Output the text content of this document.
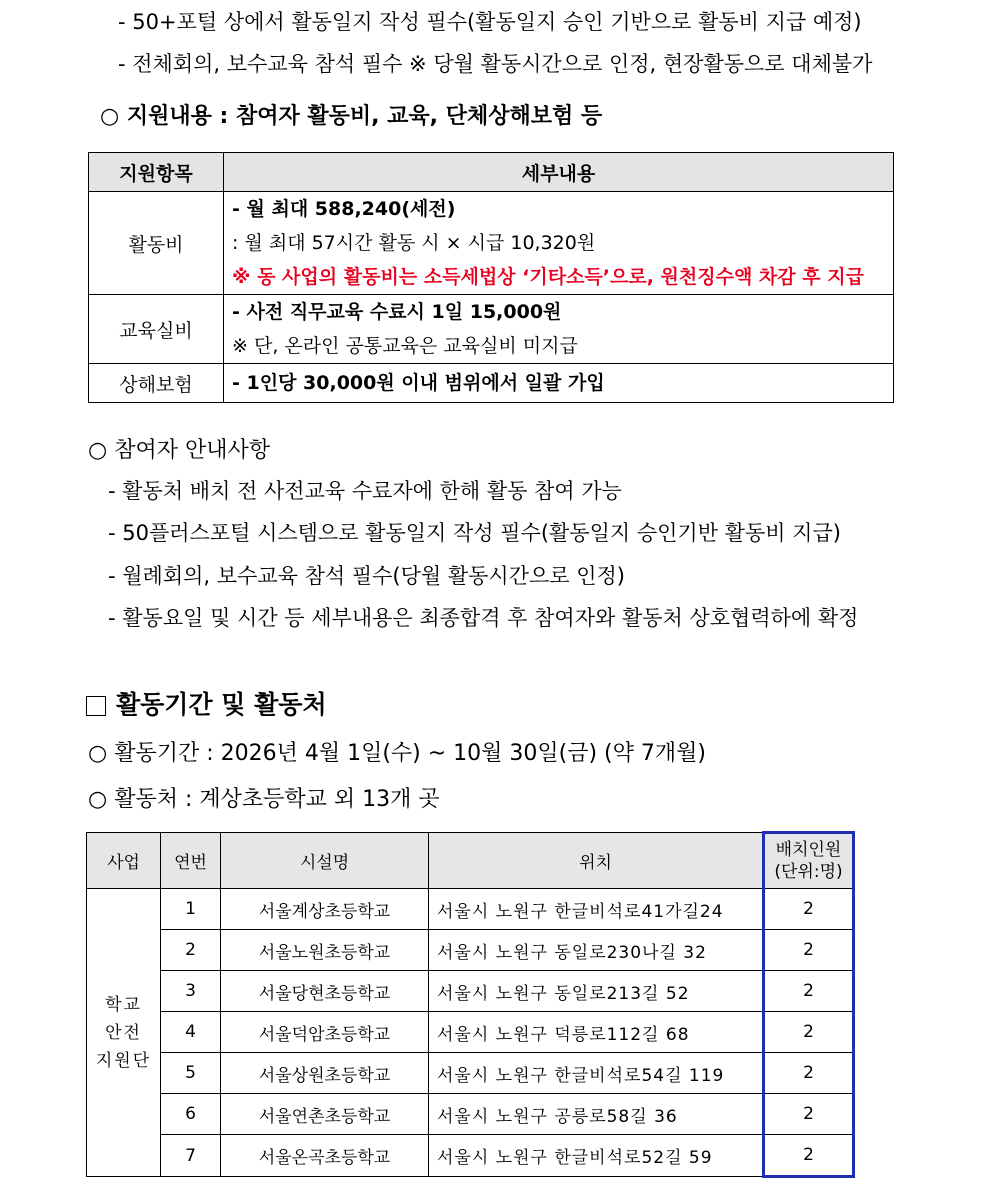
- 50+포털 상에서 활동일지 작성 필수(활동일지 승인 기반으로 활동비 지급 예정)
- 전체회의, 보수교육 참석 필수 ※ 당월 활동시간으로 인정, 현장활동으로 대체불가
○ 지원내용 : 참여자 활동비, 교육, 단체상해보험 등
지원항목	세부내용
활동비	- 월 최대 588,240(세전)
: 월 최대 57시간 활동 시 × 시급 10,320원
※ 동 사업의 활동비는 소득세법상 ‘기타소득’으로, 원천징수액 차감 후 지급

교육실비	- 사전 직무교육 수료시 1일 15,000원
※ 단, 온라인 공통교육은 교육실비 미지급

상해보험	- 1인당 30,000원 이내 범위에서 일괄 가입
○ 참여자 안내사항
- 활동처 배치 전 사전교육 수료자에 한해 활동 참여 가능
- 50플러스포털 시스템으로 활동일지 작성 필수(활동일지 승인기반 활동비 지급)
- 월례회의, 보수교육 참석 필수(당월 활동시간으로 인정)
- 활동요일 및 시간 등 세부내용은 최종합격 후 참여자와 활동처 상호협력하에 확정
활동기간 및 활동처
○ 활동기간 : 2026년 4월 1일(수) ~ 10월 30일(금) (약 7개월)
○ 활동처 : 계상초등학교 외 13개 곳
사업	연번	시설명	위치	배치인원
(단위:명)

학교
안전
지원단	1	서울계상초등학교	서울시 노원구 한글비석로41가길24	2
	2	서울노원초등학교	서울시 노원구 동일로230나길 32	2
	3	서울당현초등학교	서울시 노원구 동일로213길 52	2
	4	서울덕암초등학교	서울시 노원구 덕릉로112길 68	2
	5	서울상원초등학교	서울시 노원구 한글비석로54길 119	2
	6	서울연촌초등학교	서울시 노원구 공릉로58길 36	2
	7	서울온곡초등학교	서울시 노원구 한글비석로52길 59	2
